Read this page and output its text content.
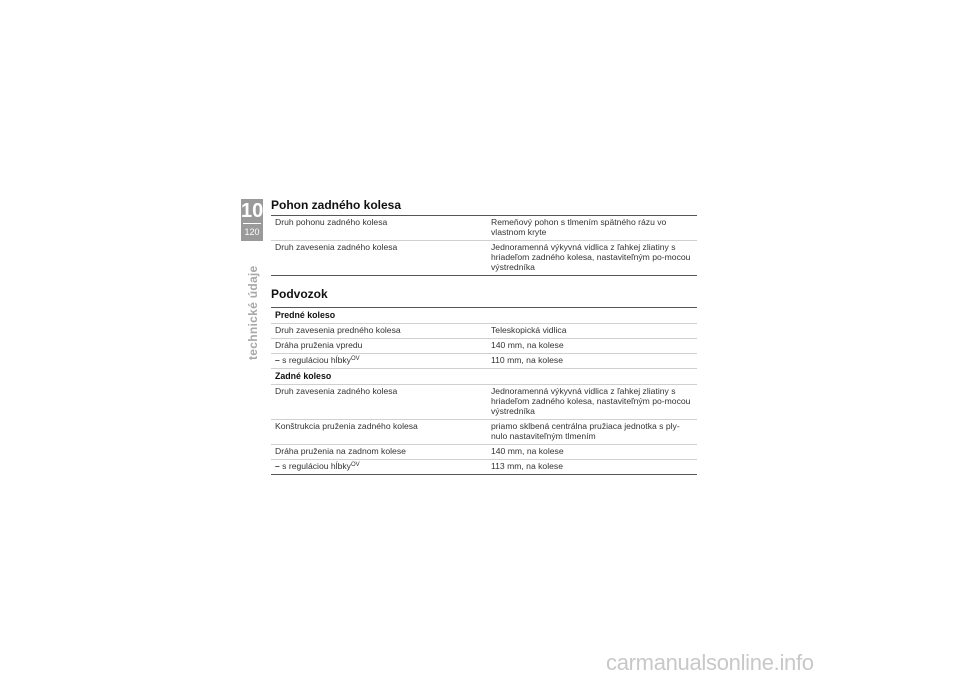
10
120
technické údaje
Pohon zadného kolesa
Druh pohonu zadného kolesa	Remeňový pohon s tlmením spätného rázu vo vlastnom kryte
Druh zavesenia zadného kolesa	Jednoramenná výkyvná vidlica z ľahkej zliatiny s hriadeľom zadného kolesa, nastaviteľným po-mocou výstredníka
Podvozok
Predné koleso	
Druh zavesenia predného kolesa	Teleskopická vidlica
Dráha pruženia vpredu	140 mm, na kolese
– s reguláciou hĺbky$^{OV}$	110 mm, na kolese
Zadné koleso	
Druh zavesenia zadného kolesa	Jednoramenná výkyvná vidlica z ľahkej zliatiny s hriadeľom zadného kolesa, nastaviteľným po-mocou výstredníka
Konštrukcia pruženia zadného kolesa	priamo sklbená centrálna pružiaca jednotka s ply-nulo nastaviteľným tlmením
Dráha pruženia na zadnom kolese	140 mm, na kolese
– s reguláciou hĺbky$^{OV}$	113 mm, na kolese
carmanualsonline.info
